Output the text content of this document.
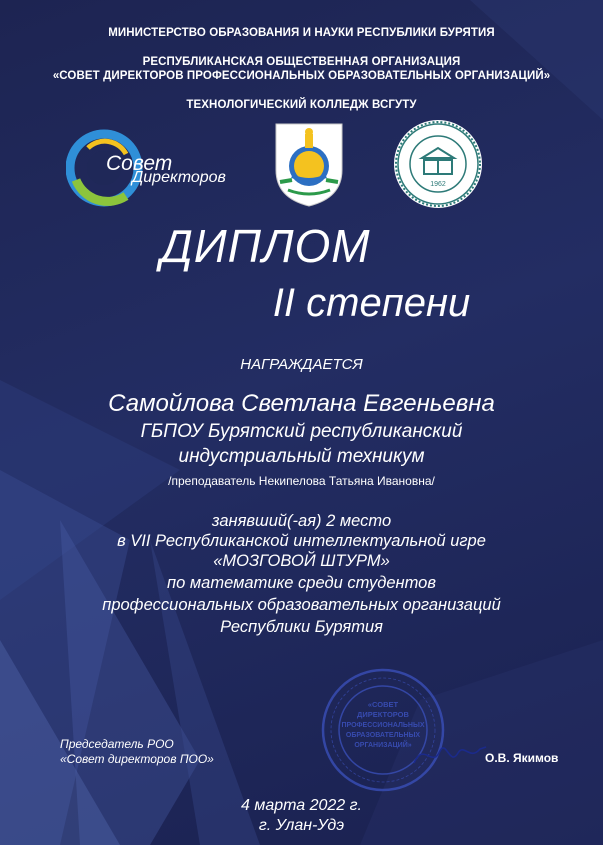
МИНИСТЕРСТВО ОБРАЗОВАНИЯ И НАУКИ РЕСПУБЛИКИ БУРЯТИЯ
РЕСПУБЛИКАНСКАЯ ОБЩЕСТВЕННАЯ ОРГАНИЗАЦИЯ
«СОВЕТ ДИРЕКТОРОВ ПРОФЕССИОНАЛЬНЫХ ОБРАЗОВАТЕЛЬНЫХ ОРГАНИЗАЦИЙ»
ТЕХНОЛОГИЧЕСКИЙ КОЛЛЕДЖ ВСГУТУ
Совет
Директоров	1962
ДИПЛОМ
II степени
НАГРАЖДАЕТСЯ
Самойлова Светлана Евгеньевна
ГБПОУ Бурятский республиканский
индустриальный техникум
/преподаватель Некипелова Татьяна Ивановна/
занявший(-ая) 2 место
в VII Республиканской интеллектуальной игре
«МОЗГОВОЙ ШТУРМ»
по математике среди студентов
профессиональных образовательных организаций
Республики Бурятия
«СОВЕТ
ДИРЕКТОРОВ
ПРОФЕССИОНАЛЬНЫХ
ОБРАЗОВАТЕЛЬНЫХ
ОРГАНИЗАЦИЙ»
Председатель РОО
«Совет директоров ПОО»	О.В. Якимов
4 марта 2022 г.
г. Улан-Удэ
